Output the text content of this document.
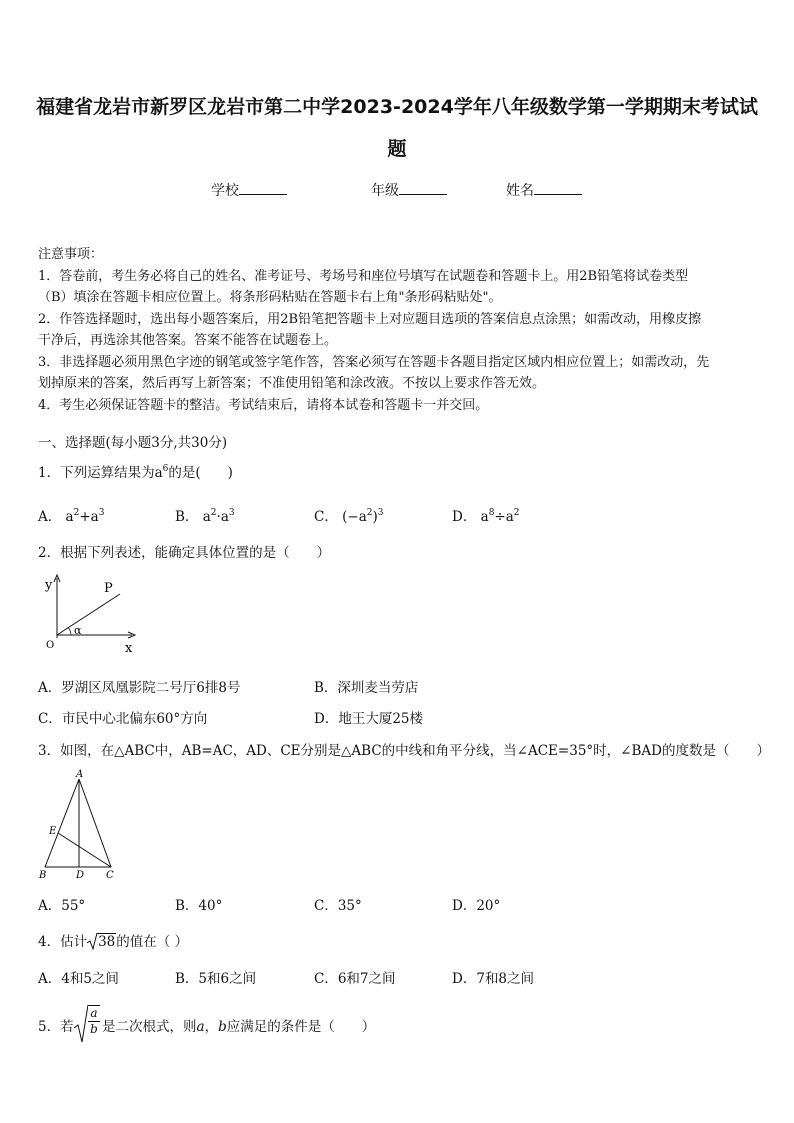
福建省龙岩市新罗区龙岩市第二中学2023-2024学年八年级数学第一学期期末考试试
题
学校	年级	姓名

注意事项：

1．答卷前，考生务必将自己的姓名、准考证号、考场号和座位号填写在试题卷和答题卡上。用2B铅笔将试卷类型

（B）填涂在答题卡相应位置上。将条形码粘贴在答题卡右上角"条形码粘贴处"。

2．作答选择题时，选出每小题答案后，用2B铅笔把答题卡上对应题目选项的答案信息点涂黑；如需改动，用橡皮擦

干净后，再选涂其他答案。答案不能答在试题卷上。

3．非选择题必须用黑色字迹的钢笔或签字笔作答，答案必须写在答题卡各题目指定区域内相应位置上；如需改动，先

划掉原来的答案，然后再写上新答案；不准使用铅笔和涂改液。不按以上要求作答无效。

4．考生必须保证答题卡的整洁。考试结束后，请将本试卷和答题卡一并交回。

一、选择题(每小题3分,共30分)
1．下列运算结果为$a^6$的是(　　)
A． $a^2+a^3$	B． $a^2\cdot a^3$	C． $(-a^2)^3$	D． $a^8\div a^2$
2．根据下列表述，能确定具体位置的是（　　）
y
x
O
P
α
A．罗湖区凤凰影院二号厅6排8号	B．深圳麦当劳店
C．市民中心北偏东60°方向	D．地王大厦25楼
3．如图，在△ABC中，AB=AC，AD、CE分别是△ABC的中线和角平分线，当∠ACE=35°时，∠BAD的度数是（　　）
A
B	C
D
E
A．55°	B．40°	C．35°	D．20°
4．估计 38的值在（ ）
A．4和5之间	B．5和6之间	C．6和7之间	D．7和8之间
5．若
a
b 是二次根式，则a，b应满足的条件是（　　）
